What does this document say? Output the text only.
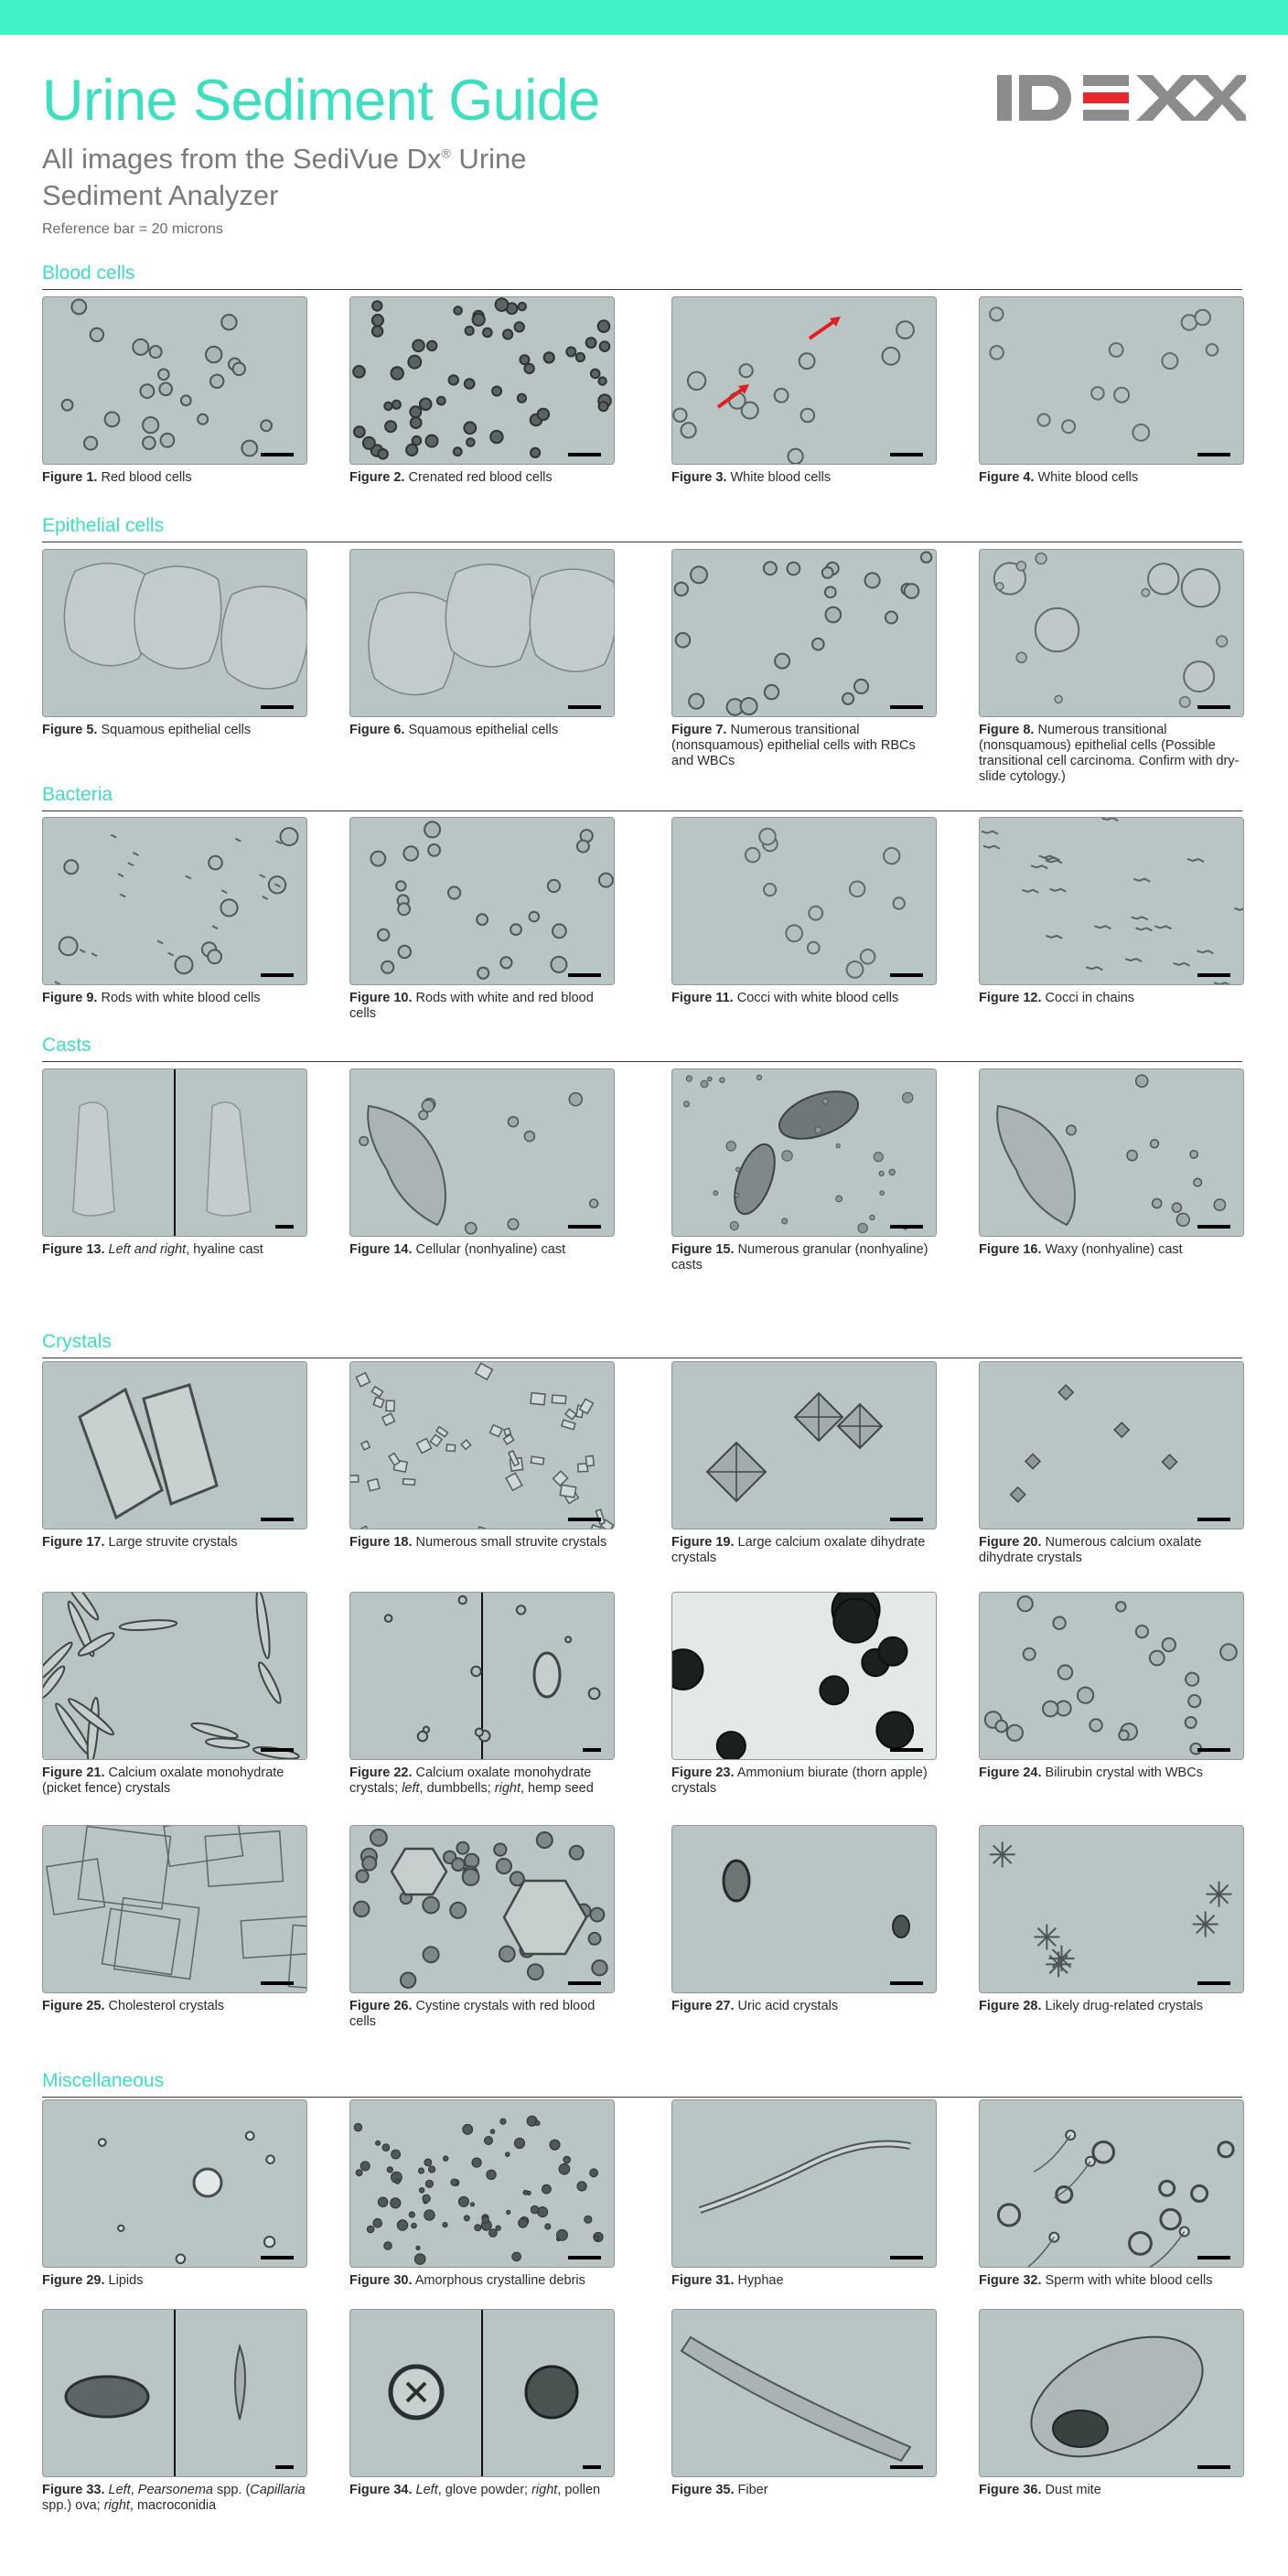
Urine Sediment Guide
All images from the SediVue Dx® Urine
Sediment Analyzer
Reference bar = 20 microns
IDEXX
Blood cells
Epithelial cells
Bacteria
Casts
Crystals
Miscellaneous
Figure 1. Red blood cells	Figure 2. Crenated red blood cells	Figure 3. White blood cells	Figure 4. White blood cells
Figure 5. Squamous epithelial cells	Figure 6. Squamous epithelial cells	Figure 7. Numerous transitional (nonsquamous) epithelial cells with RBCs and WBCs
Figure 8. Numerous transitional (nonsquamous) epithelial cells (Possible transitional cell carcinoma. Confirm with dry-slide cytology.)
Figure 9. Rods with white blood cells	Figure 10. Rods with white and red blood cells
Figure 11. Cocci with white blood cells	Figure 12. Cocci in chains
Figure 13. Left and right, hyaline cast	Figure 14. Cellular (nonhyaline) cast	Figure 15. Numerous granular (nonhyaline) casts
Figure 16. Waxy (nonhyaline) cast
Figure 17. Large struvite crystals	Figure 18. Numerous small struvite crystals	Figure 19. Large calcium oxalate dihydrate crystals
Figure 20. Numerous calcium oxalate dihydrate crystals
Figure 21. Calcium oxalate monohydrate (picket fence) crystals
Figure 22. Calcium oxalate monohydrate crystals; left, dumbbells; right, hemp seed
Figure 23. Ammonium biurate (thorn apple) crystals
Figure 24. Bilirubin crystal with WBCs
Figure 25. Cholesterol crystals	Figure 26. Cystine crystals with red blood cells
Figure 27. Uric acid crystals	Figure 28. Likely drug-related crystals
Figure 29. Lipids	Figure 30. Amorphous crystalline debris	Figure 31. Hyphae	Figure 32. Sperm with white blood cells
Figure 33. Left, Pearsonema spp. (Capillaria spp.) ova; right, macroconidia
Figure 34. Left, glove powder; right, pollen	Figure 35. Fiber	Figure 36. Dust mite
